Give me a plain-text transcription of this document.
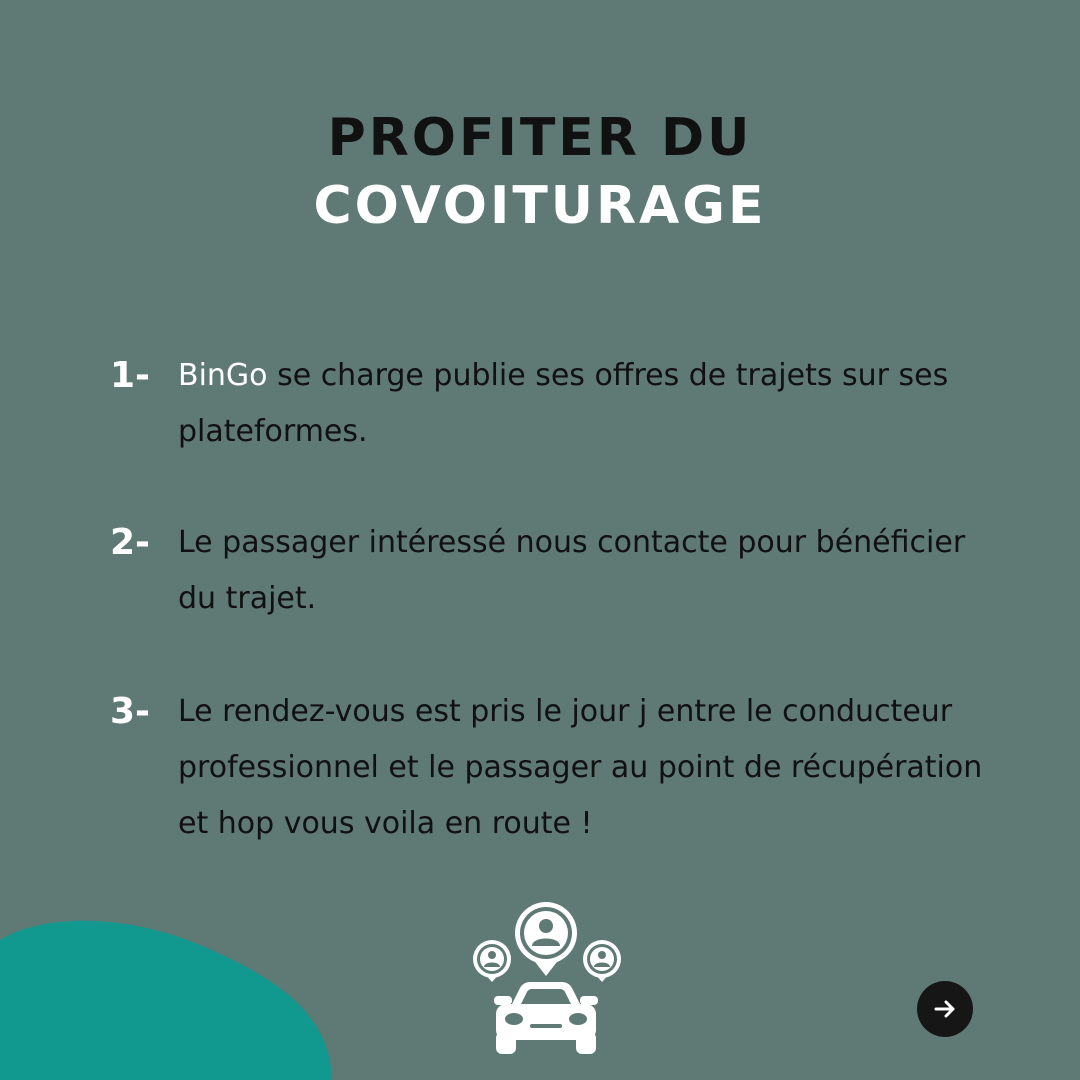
PROFITER DU
COVOITURAGE
1- BinGo se charge publie ses offres de trajets sur ses plateformes.
2- Le passager intéressé nous contacte pour bénéficier du trajet.
3- Le rendez-vous est pris le jour j entre le conducteur professionnel et le passager au point de récupération et hop vous voila en route !
